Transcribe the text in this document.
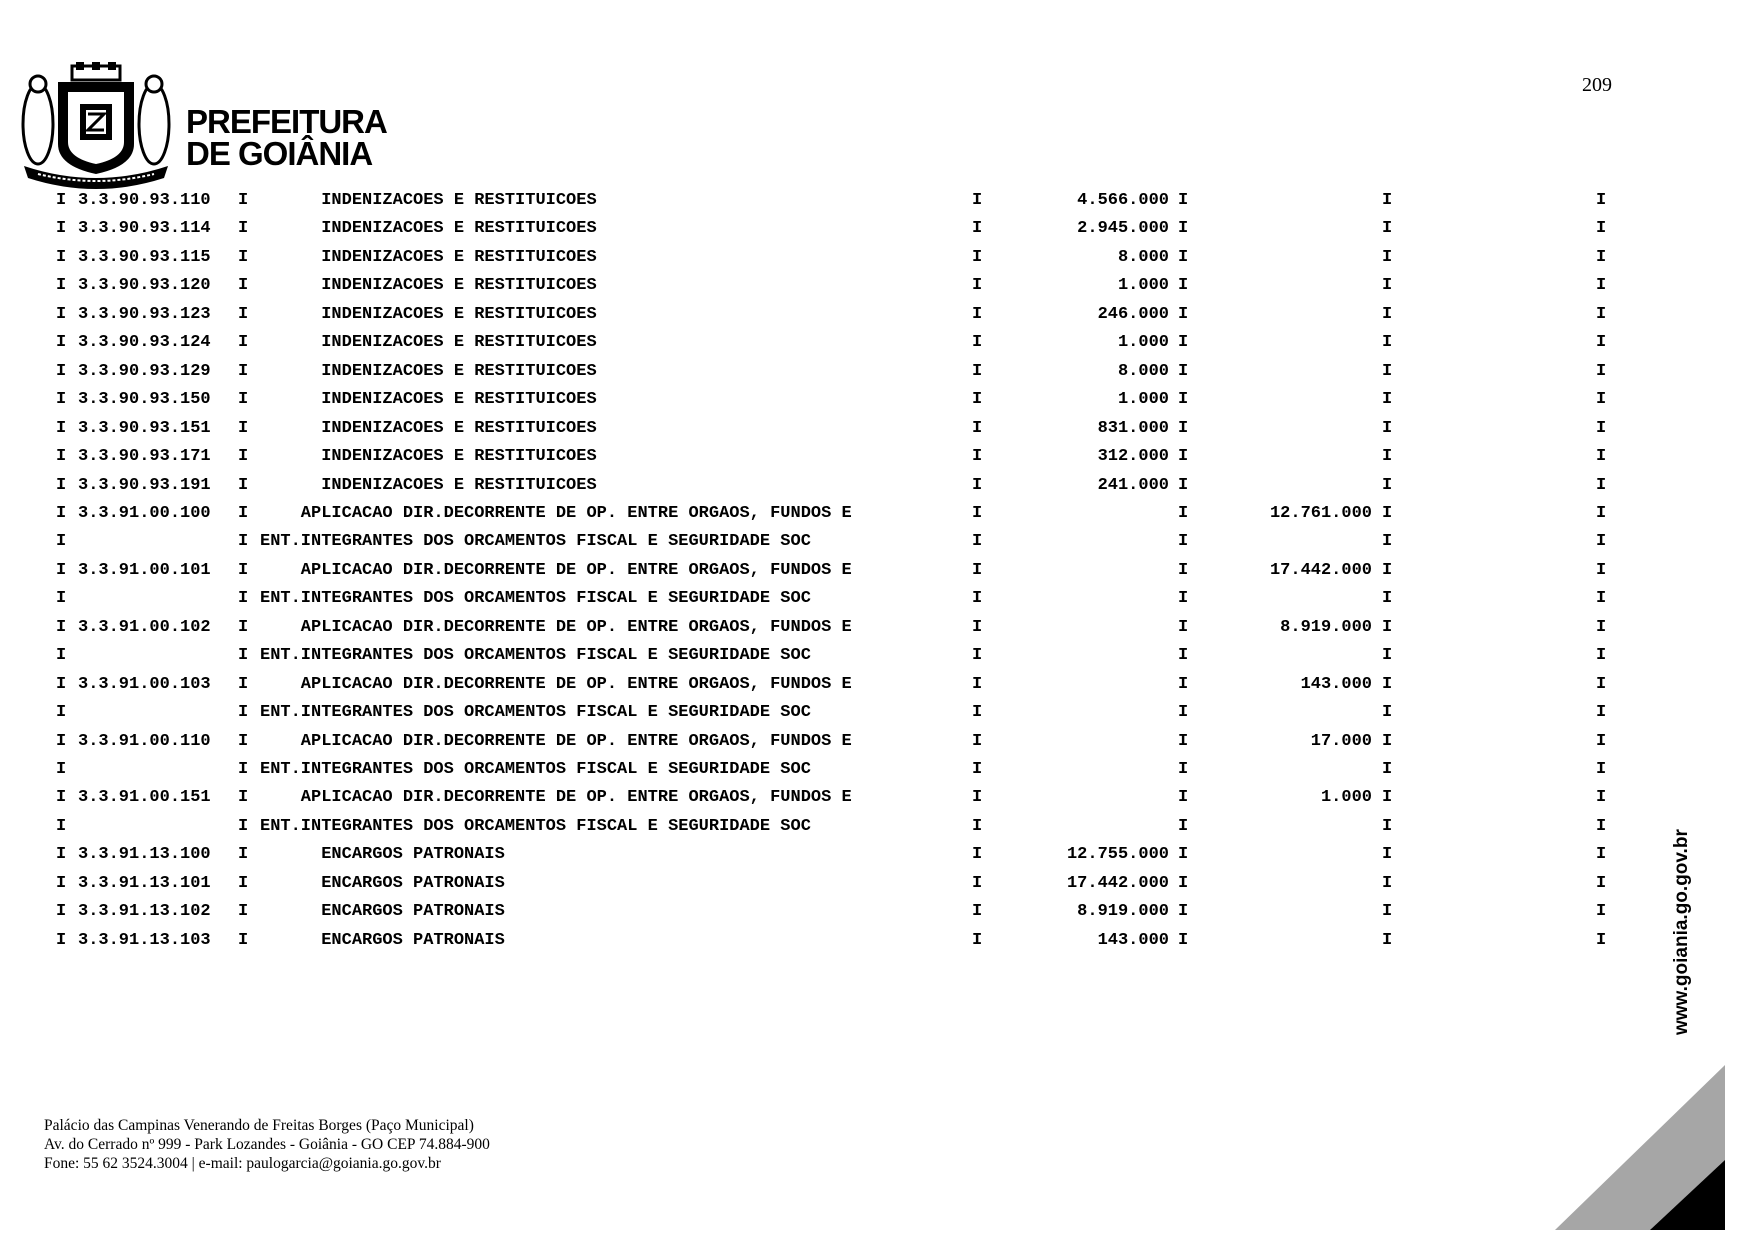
209
PREFEITURA
DE GOIÂNIA
I 3.3.90.93.110 I INDENIZACOES E RESTITUICOES	I	4.566.000 I	I	I
I 3.3.90.93.114 I INDENIZACOES E RESTITUICOES	I	2.945.000 I	I	I
I 3.3.90.93.115 I INDENIZACOES E RESTITUICOES	I	8.000 I	I	I
I 3.3.90.93.120 I INDENIZACOES E RESTITUICOES	I	1.000 I	I	I
I 3.3.90.93.123 I INDENIZACOES E RESTITUICOES	I	246.000 I	I	I
I 3.3.90.93.124 I INDENIZACOES E RESTITUICOES	I	1.000 I	I	I
I 3.3.90.93.129 I INDENIZACOES E RESTITUICOES	I	8.000 I	I	I
I 3.3.90.93.150 I INDENIZACOES E RESTITUICOES	I	1.000 I	I	I
I 3.3.90.93.151 I INDENIZACOES E RESTITUICOES	I	831.000 I	I	I
I 3.3.90.93.171 I INDENIZACOES E RESTITUICOES	I	312.000 I	I	I
I 3.3.90.93.191 I INDENIZACOES E RESTITUICOES	I	241.000 I	I	I
I 3.3.91.00.100 I APLICACAO DIR.DECORRENTE DE OP. ENTRE ORGAOS, FUNDOS E	I	I	12.761.000 I	I
I	I ENT.INTEGRANTES DOS ORCAMENTOS FISCAL E SEGURIDADE SOC	I	I	I	I
I 3.3.91.00.101 I APLICACAO DIR.DECORRENTE DE OP. ENTRE ORGAOS, FUNDOS E	I	I	17.442.000 I	I
I	I ENT.INTEGRANTES DOS ORCAMENTOS FISCAL E SEGURIDADE SOC	I	I	I	I
I 3.3.91.00.102 I APLICACAO DIR.DECORRENTE DE OP. ENTRE ORGAOS, FUNDOS E	I	I	8.919.000 I	I
I	I ENT.INTEGRANTES DOS ORCAMENTOS FISCAL E SEGURIDADE SOC	I	I	I	I
I 3.3.91.00.103 I APLICACAO DIR.DECORRENTE DE OP. ENTRE ORGAOS, FUNDOS E	I	I	143.000 I	I
I	I ENT.INTEGRANTES DOS ORCAMENTOS FISCAL E SEGURIDADE SOC	I	I	I	I
I 3.3.91.00.110 I APLICACAO DIR.DECORRENTE DE OP. ENTRE ORGAOS, FUNDOS E	I	I	17.000 I	I
I	I ENT.INTEGRANTES DOS ORCAMENTOS FISCAL E SEGURIDADE SOC	I	I	I	I
I 3.3.91.00.151 I APLICACAO DIR.DECORRENTE DE OP. ENTRE ORGAOS, FUNDOS E	I	I	1.000 I	I
I	I ENT.INTEGRANTES DOS ORCAMENTOS FISCAL E SEGURIDADE SOC	I	I	I	I
I 3.3.91.13.100 I ENCARGOS PATRONAIS	I	12.755.000 I	I	I
I 3.3.91.13.101 I ENCARGOS PATRONAIS	I	17.442.000 I	I	I
I 3.3.91.13.102 I ENCARGOS PATRONAIS	I	8.919.000 I	I	I
I 3.3.91.13.103 I ENCARGOS PATRONAIS	I	143.000 I	I	I
Palácio das Campinas Venerando de Freitas Borges (Paço Municipal)
Av. do Cerrado nº 999 - Park Lozandes - Goiânia - GO CEP 74.884-900
Fone: 55 62 3524.3004 | e-mail: paulogarcia@goiania.go.gov.br
www.goiania.go.gov.br
